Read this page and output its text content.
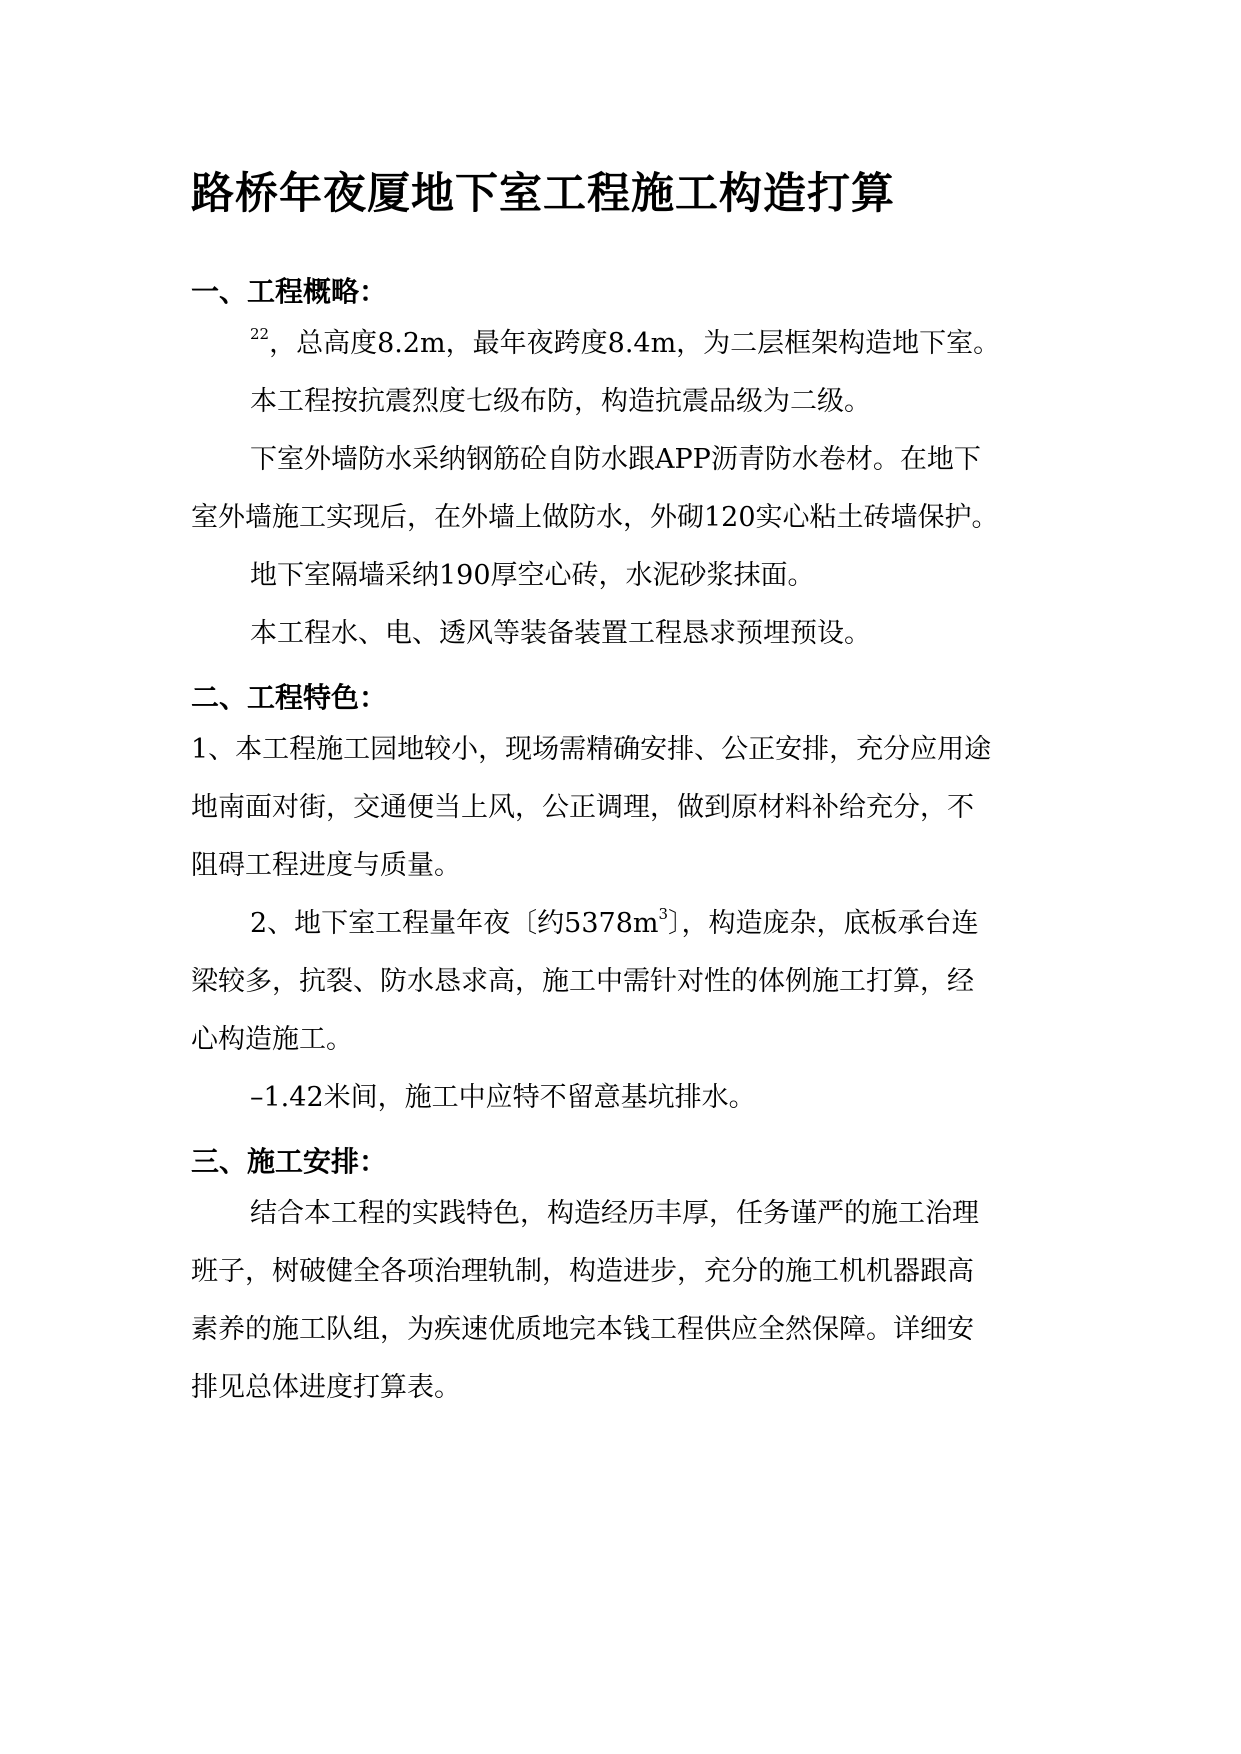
路桥年夜厦地下室工程施工构造打算
一、工程概略：
$^{22}$，总高度8.2m，最年夜跨度8.4m，为二层框架构造地下室。
本工程按抗震烈度七级布防，构造抗震品级为二级。
下室外墙防水采纳钢筋砼自防水跟APP沥青防水卷材。在地下
室外墙施工实现后，在外墙上做防水，外砌120实心粘土砖墙保护。
地下室隔墙采纳190厚空心砖，水泥砂浆抹面。
本工程水、电、透风等装备装置工程恳求预埋预设。
二、工程特色：
1、本工程施工园地较小，现场需精确安排、公正安排，充分应用途
地南面对街，交通便当上风，公正调理，做到原材料补给充分，不
阻碍工程进度与质量。
2、地下室工程量年夜〔约$5378m^3$〕，构造庞杂，底板承台连
梁较多，抗裂、防水恳求高，施工中需针对性的体例施工打算，经
心构造施工。
–1.42米间，施工中应特不留意基坑排水。
三、施工安排：
结合本工程的实践特色，构造经历丰厚，任务谨严的施工治理
班子，树破健全各项治理轨制，构造进步，充分的施工机机器跟高
素养的施工队组，为疾速优质地完本钱工程供应全然保障。详细安
排见总体进度打算表。
